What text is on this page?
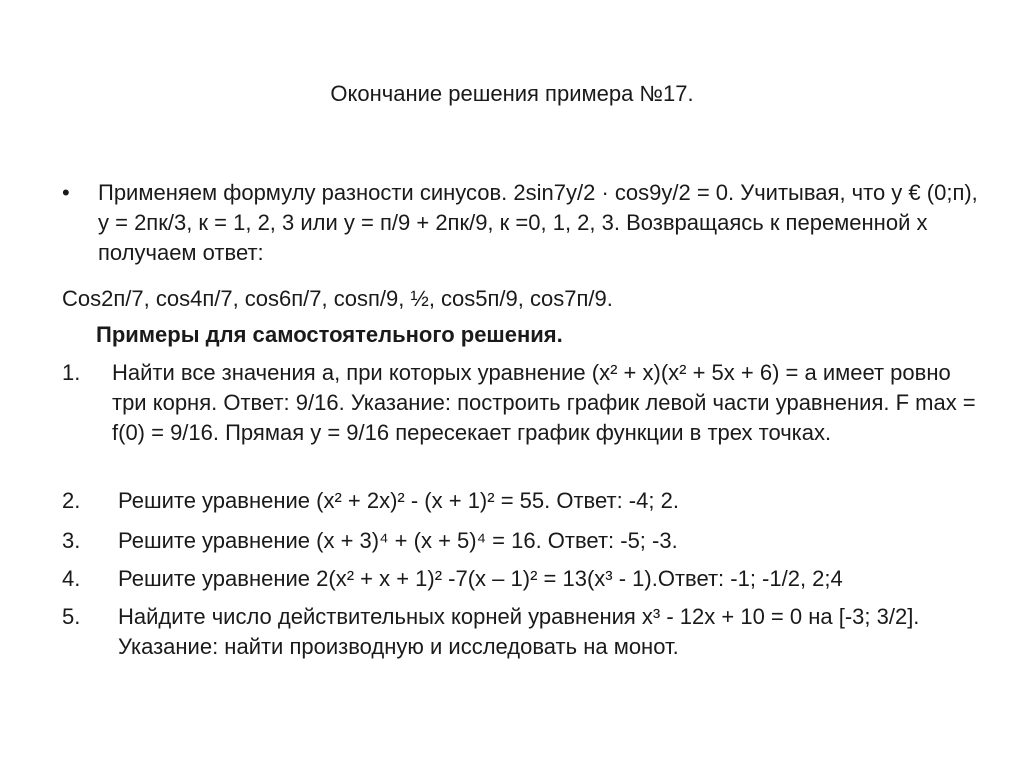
Окончание решения примера №17.
• Применяем формулу разности синусов. 2sin7y/2 · cos9y/2 = 0. Учитывая, что y € (0;п), y = 2пк/3, к = 1, 2, 3 или y = п/9 + 2пк/9, к =0, 1, 2, 3. Возвращаясь к переменной x получаем ответ:
Cos2п/7, cos4п/7, cos6п/7, cosп/9, ½, cos5п/9, cos7п/9.
Примеры для самостоятельного решения.
1. Найти все значения а, при которых уравнение (x² + x)(x² + 5x + 6) = a имеет ровно три корня. Ответ: 9/16. Указание: построить график левой части уравнения. F max = f(0) = 9/16. Прямая y = 9/16 пересекает график функции в трех точках.
2. Решите уравнение (x² + 2x)² - (x + 1)² = 55. Ответ: -4; 2.
3. Решите уравнение (x + 3)⁴ + (x + 5)⁴ = 16. Ответ: -5; -3.
4. Решите уравнение 2(x² + x + 1)² -7(x – 1)² = 13(x³ - 1).Ответ: -1; -1/2, 2;4
5. Найдите число действительных корней уравнения x³ - 12x + 10 = 0 на [-3; 3/2]. Указание: найти производную и исследовать на монот.
